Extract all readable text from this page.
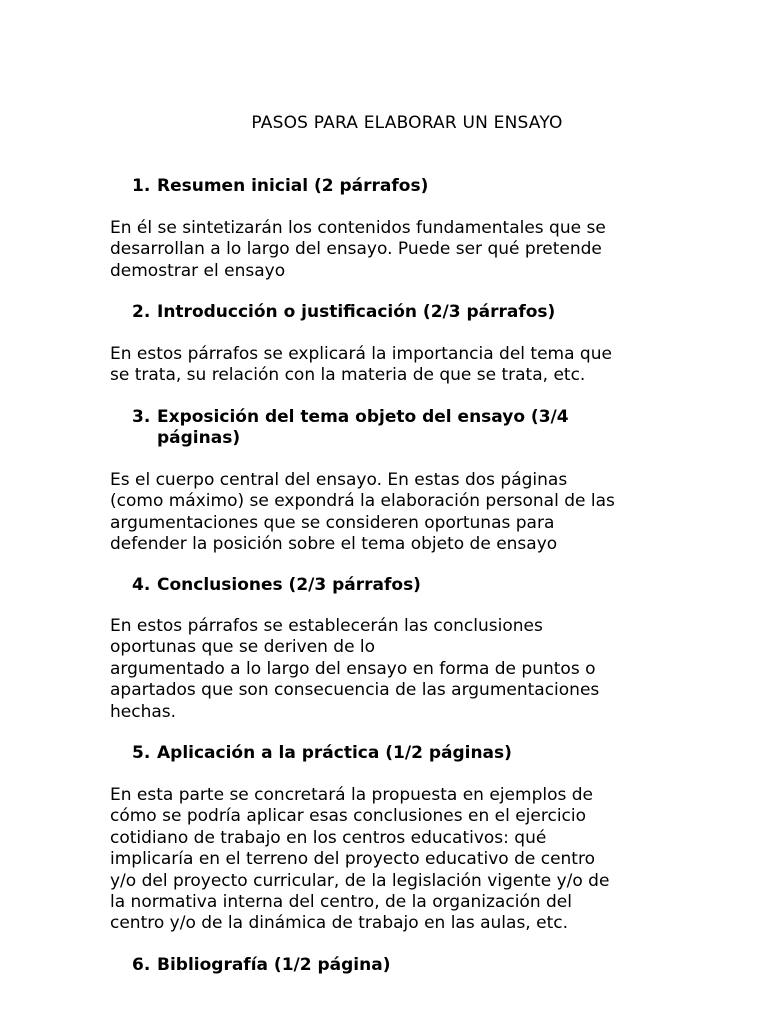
PASOS PARA ELABORAR UN ENSAYO
1. Resumen inicial (2 párrafos)
En él se sintetizarán los contenidos fundamentales que se
desarrollan a lo largo del ensayo. Puede ser qué pretende
demostrar el ensayo
2. Introducción o justificación (2/3 párrafos)
En estos párrafos se explicará la importancia del tema que
se trata, su relación con la materia de que se trata, etc.
3. Exposición del tema objeto del ensayo (3/4 páginas)
Es el cuerpo central del ensayo. En estas dos páginas
(como máximo) se expondrá la elaboración personal de las
argumentaciones que se consideren oportunas para
defender la posición sobre el tema objeto de ensayo
4. Conclusiones (2/3 párrafos)
En estos párrafos se establecerán las conclusiones
oportunas que se deriven de lo
argumentado a lo largo del ensayo en forma de puntos o
apartados que son consecuencia de las argumentaciones
hechas.
5. Aplicación a la práctica (1/2 páginas)
En esta parte se concretará la propuesta en ejemplos de
cómo se podría aplicar esas conclusiones en el ejercicio
cotidiano de trabajo en los centros educativos: qué
implicaría en el terreno del proyecto educativo de centro
y/o del proyecto curricular, de la legislación vigente y/o de
la normativa interna del centro, de la organización del
centro y/o de la dinámica de trabajo en las aulas, etc.
6. Bibliografía (1/2 página)
